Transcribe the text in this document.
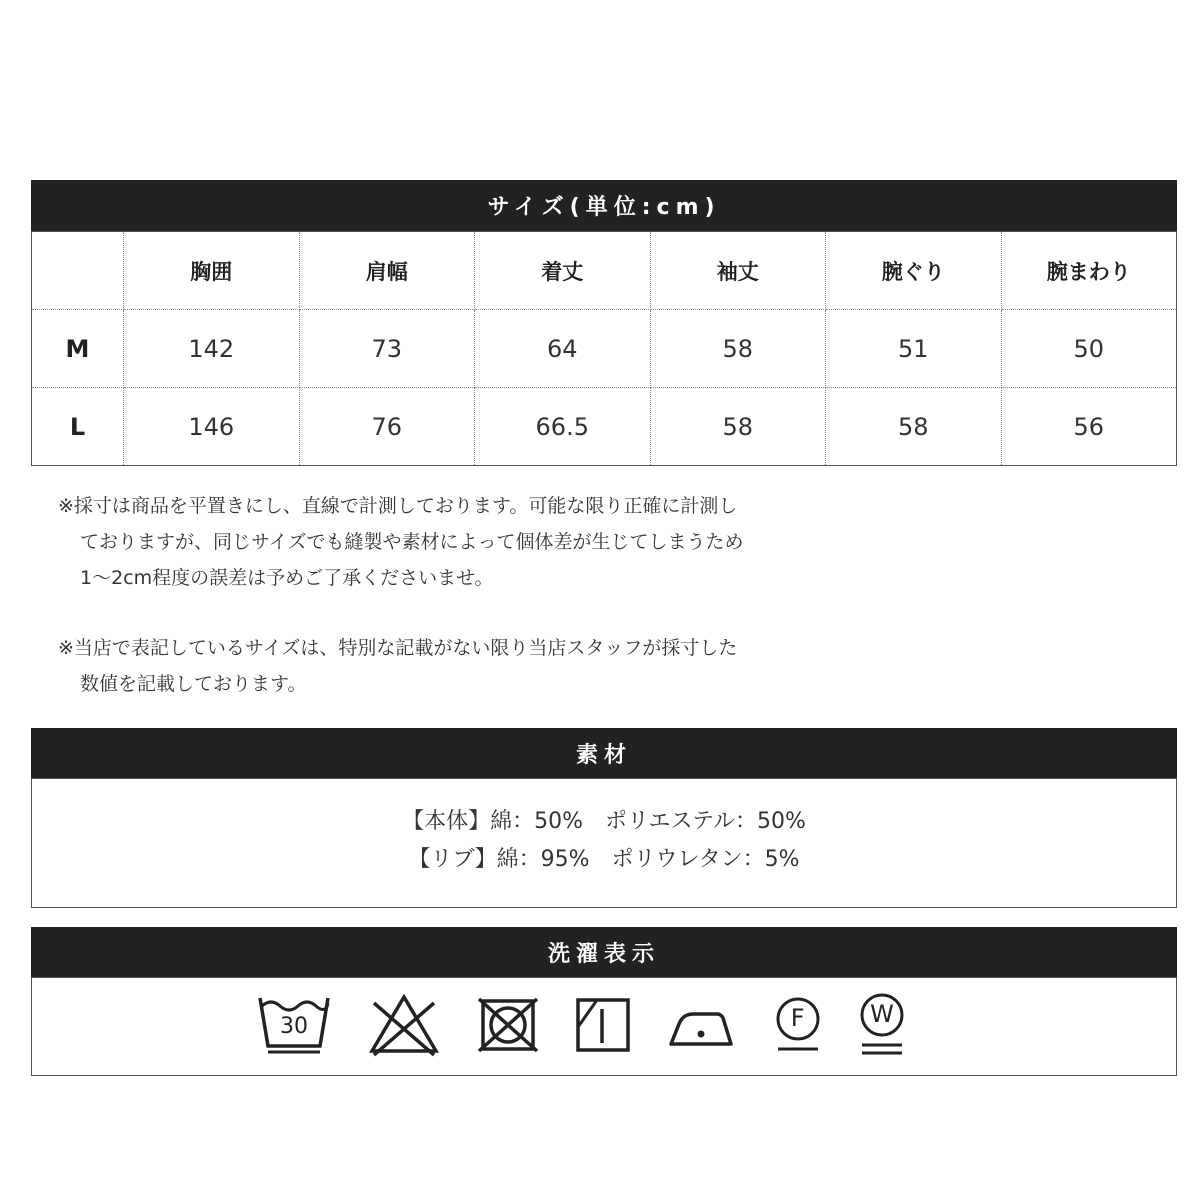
サイズ(単位:cm)
	胸囲	肩幅	着丈	袖丈	腕ぐり	腕まわり
M	142	73	64	58	51	50
L	146	76	66.5	58	58	56

※採寸は商品を平置きにし、直線で計測しております。可能な限り正確に計測し

ておりますが、同じサイズでも縫製や素材によって個体差が生じてしまうため

1〜2cm程度の誤差は予めご了承くださいませ。

※当店で表記しているサイズは、特別な記載がない限り当店スタッフが採寸した

数値を記載しております。

素材
【本体】綿：50%　ポリエステル：50%
【リブ】綿：95%　ポリウレタン：5%
洗濯表示
30	F	W
